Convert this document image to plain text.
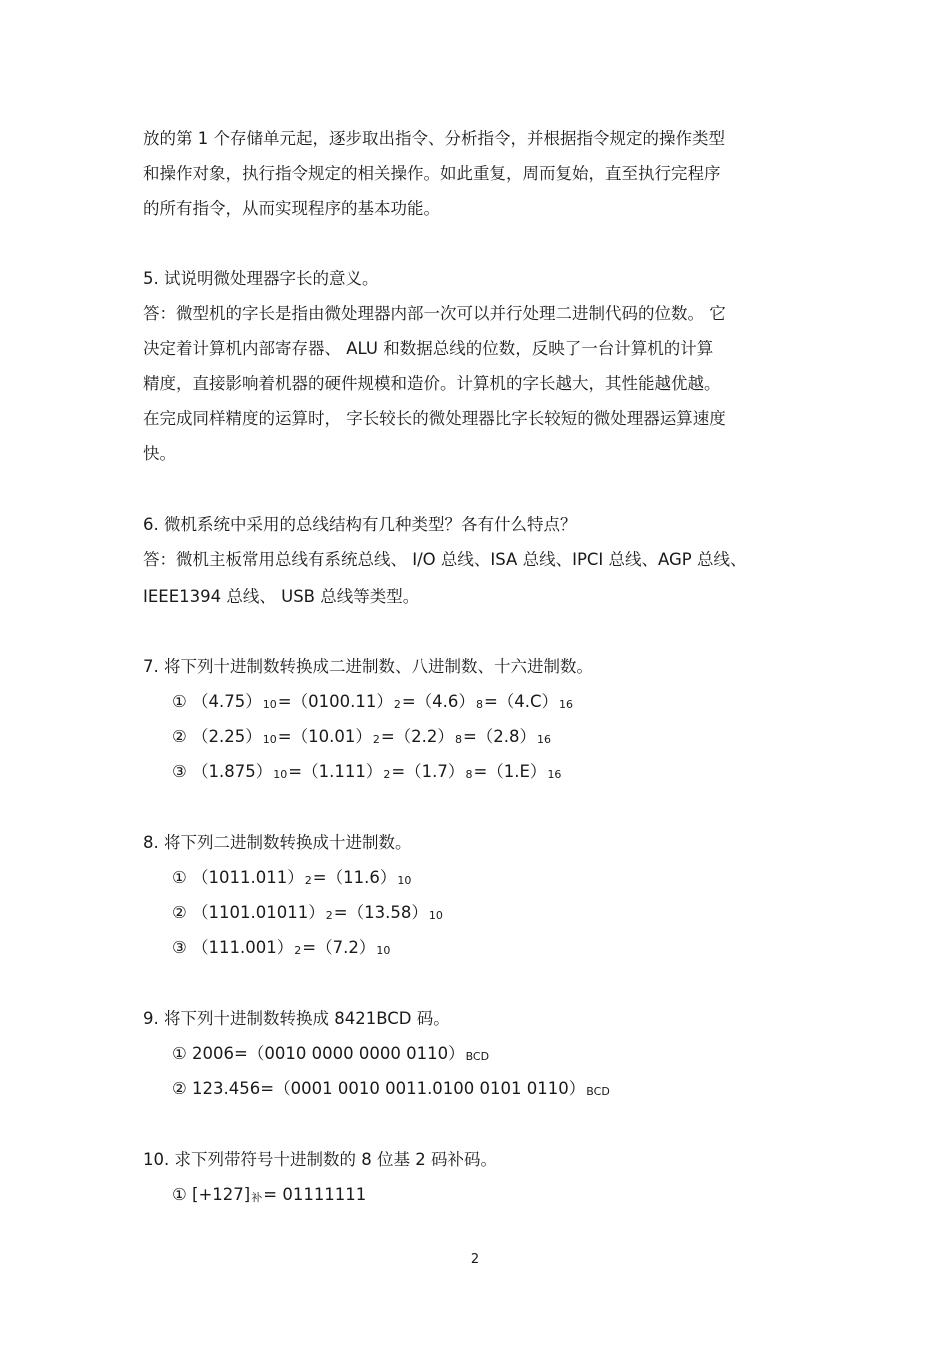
放的第 1 个存储单元起，逐步取出指令、分析指令，并根据指令规定的操作类型
和操作对象，执行指令规定的相关操作。如此重复，周而复始，直至执行完程序
的所有指令，从而实现程序的基本功能。
5. 试说明微处理器字长的意义。
答：微型机的字长是指由微处理器内部一次可以并行处理二进制代码的位数。 它
决定着计算机内部寄存器、 ALU 和数据总线的位数，反映了一台计算机的计算
精度，直接影响着机器的硬件规模和造价。计算机的字长越大，其性能越优越。
在完成同样精度的运算时， 字长较长的微处理器比字长较短的微处理器运算速度
快。
6. 微机系统中采用的总线结构有几种类型？各有什么特点？
答：微机主板常用总线有系统总线、 I/O 总线、ISA 总线、IPCI 总线、AGP 总线、
IEEE1394 总线、 USB 总线等类型。
7. 将下列十进制数转换成二进制数、八进制数、十六进制数。
① （4.75）10=（0100.11）2=（4.6）8=（4.C）16
② （2.25）10=（10.01）2=（2.2）8=（2.8）16
③ （1.875）10=（1.111）2=（1.7）8=（1.E）16
8. 将下列二进制数转换成十进制数。
① （1011.011）2=（11.6）10
② （1101.01011）2=（13.58）10
③ （111.001）2=（7.2）10
9. 将下列十进制数转换成 8421BCD 码。
① 2006=（0010 0000 0000 0110）BCD
② 123.456=（0001 0010 0011.0100 0101 0110）BCD
10. 求下列带符号十进制数的 8 位基 2 码补码。
① [+127]补= 01111111
2
